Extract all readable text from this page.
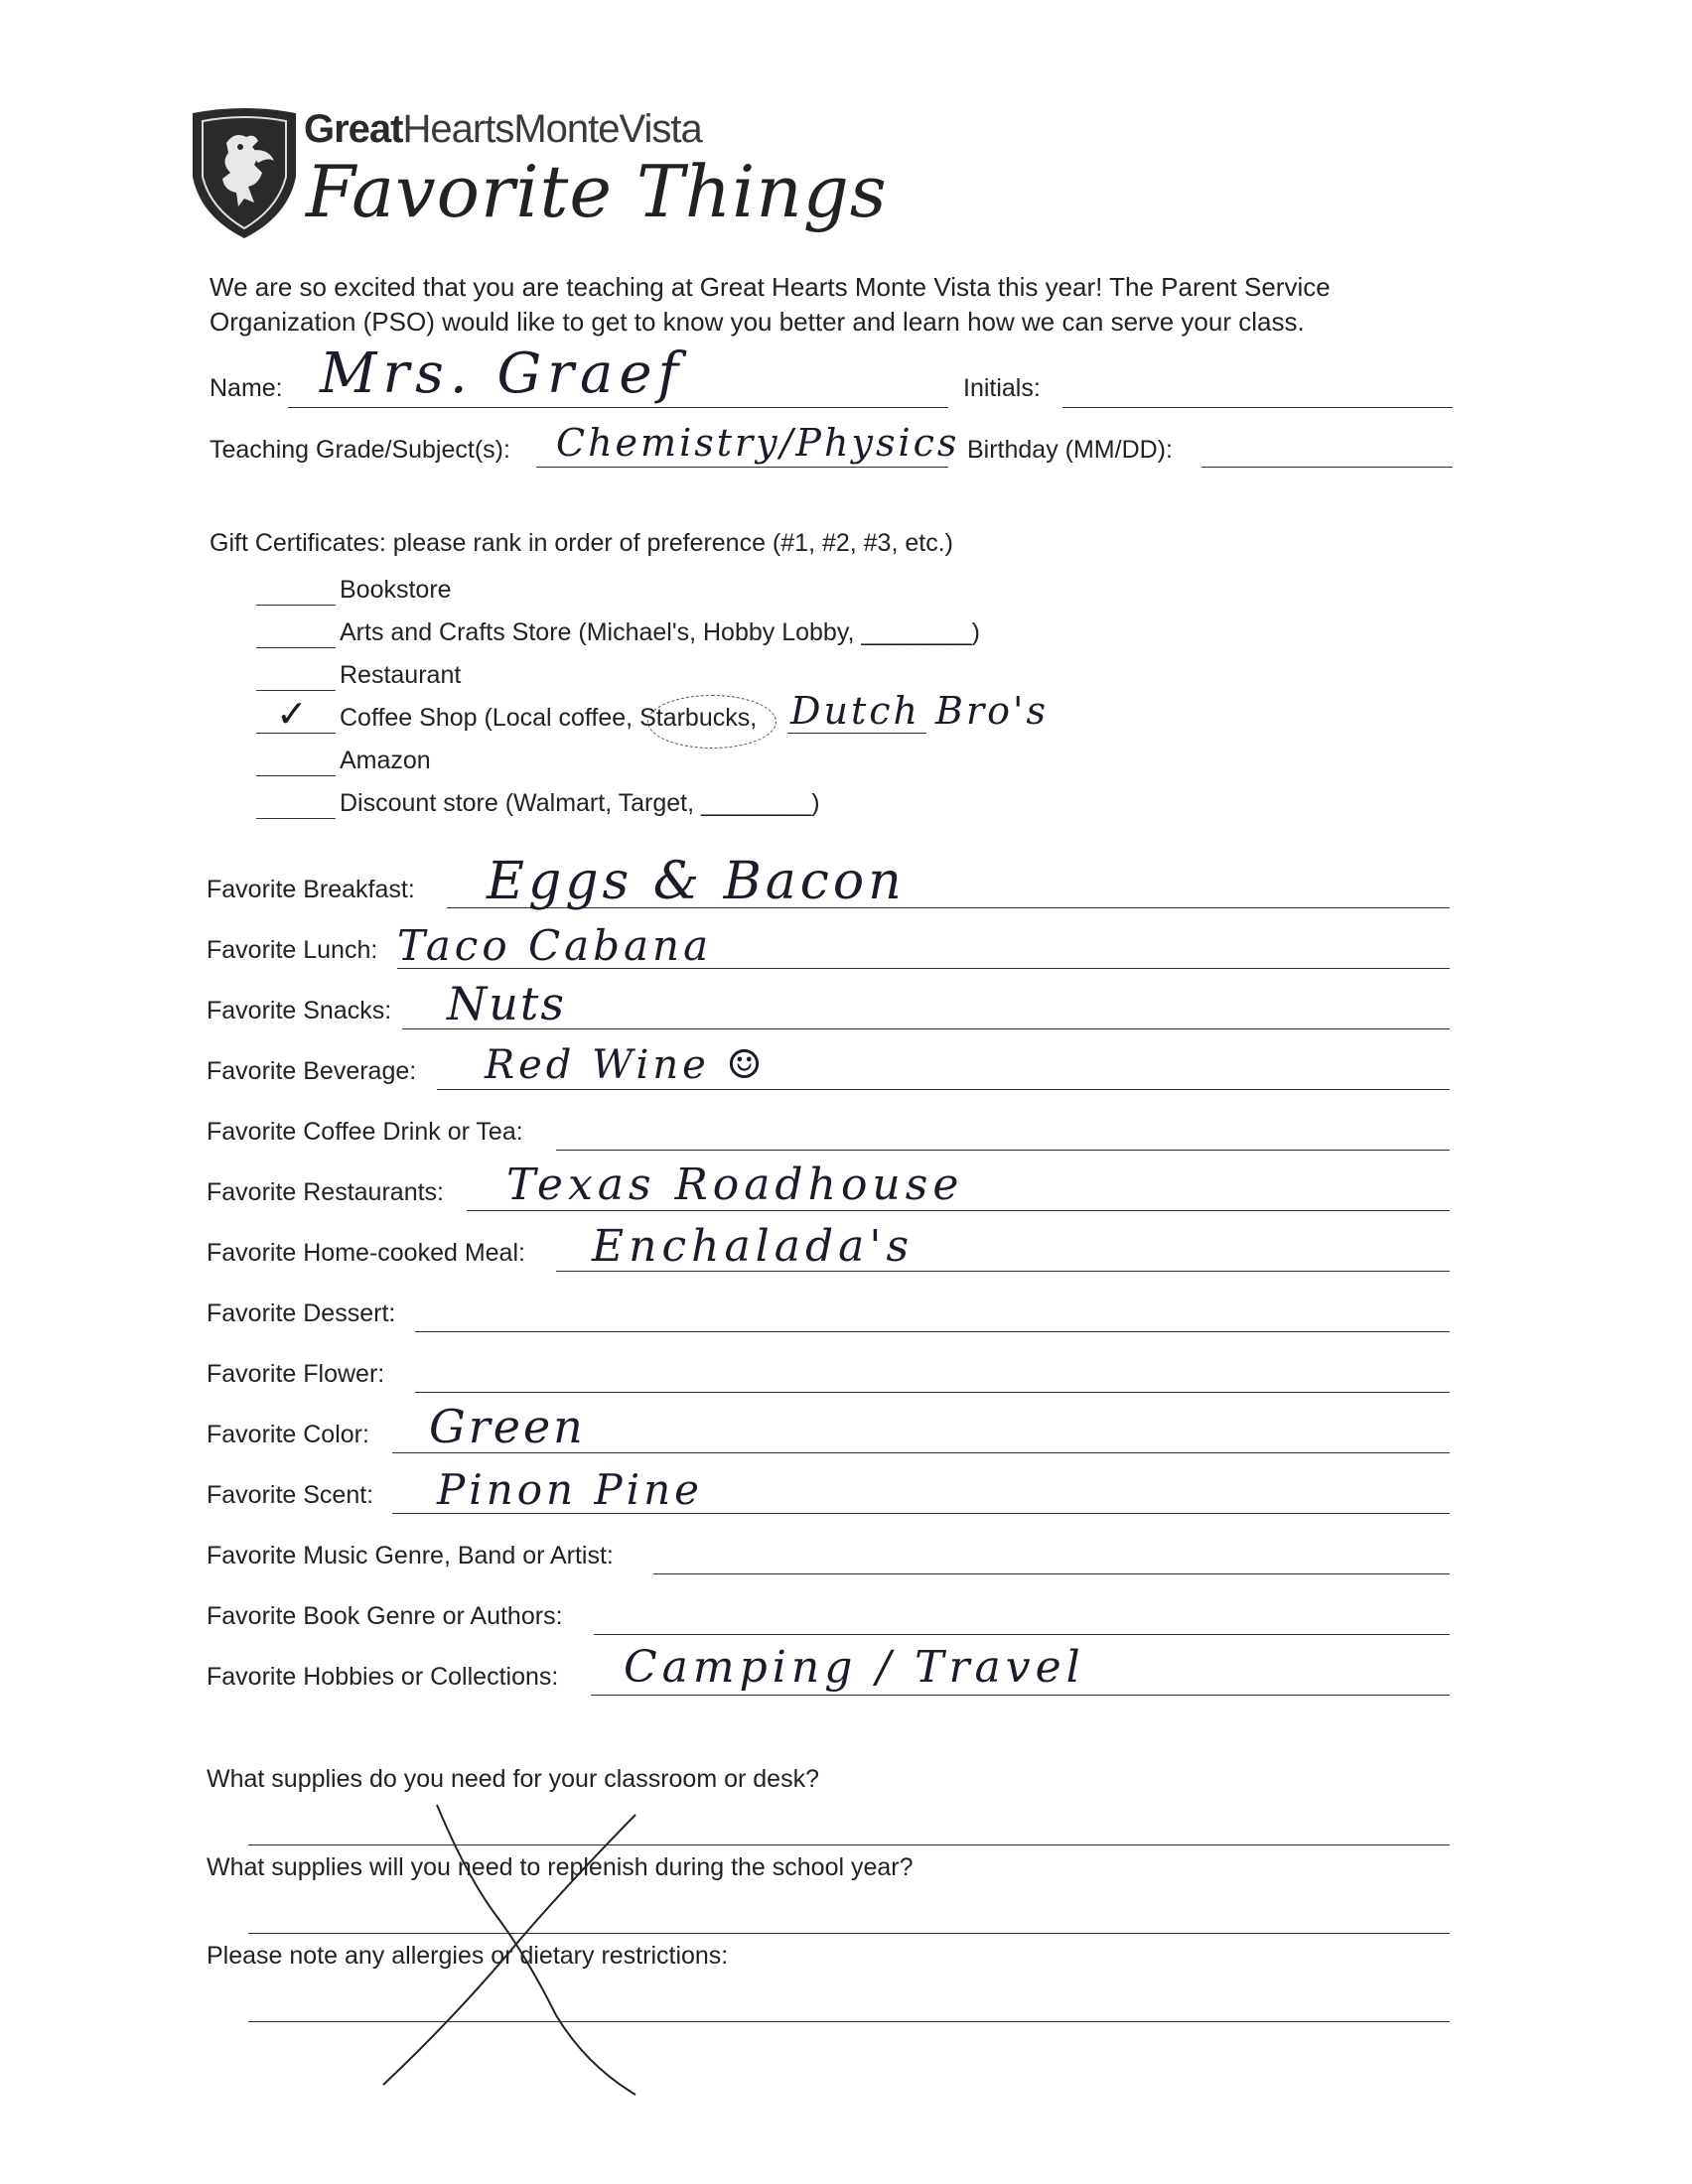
GreatHeartsMonteVista
Favorite Things
We are so excited that you are teaching at Great Hearts Monte Vista this year! The Parent Service Organization (PSO) would like to get to know you better and learn how we can serve your class.
Name: Mrs. Graef	Initials:
Teaching Grade/Subject(s): Chemistry/Physics Birthday (MM/DD):
Gift Certificates: please rank in order of preference (#1, #2, #3, etc.)
Bookstore
Arts and Crafts Store (Michael's, Hobby Lobby, ________)
Restaurant
✓ Coffee Shop (Local coffee, Starbucks, Dutch Bro's
Amazon
Discount store (Walmart, Target, ________)
Favorite Breakfast: Eggs & Bacon
Favorite Lunch: Taco Cabana
Favorite Snacks: Nuts
Favorite Beverage: Red Wine ☺
Favorite Coffee Drink or Tea:
Favorite Restaurants: Texas Roadhouse
Favorite Home-cooked Meal: Enchalada's
Favorite Dessert:
Favorite Flower:
Favorite Color: Green
Favorite Scent: Pinon Pine
Favorite Music Genre, Band or Artist:
Favorite Book Genre or Authors:
Favorite Hobbies or Collections: Camping / Travel
What supplies do you need for your classroom or desk?
What supplies will you need to replenish during the school year?
Please note any allergies or dietary restrictions:
